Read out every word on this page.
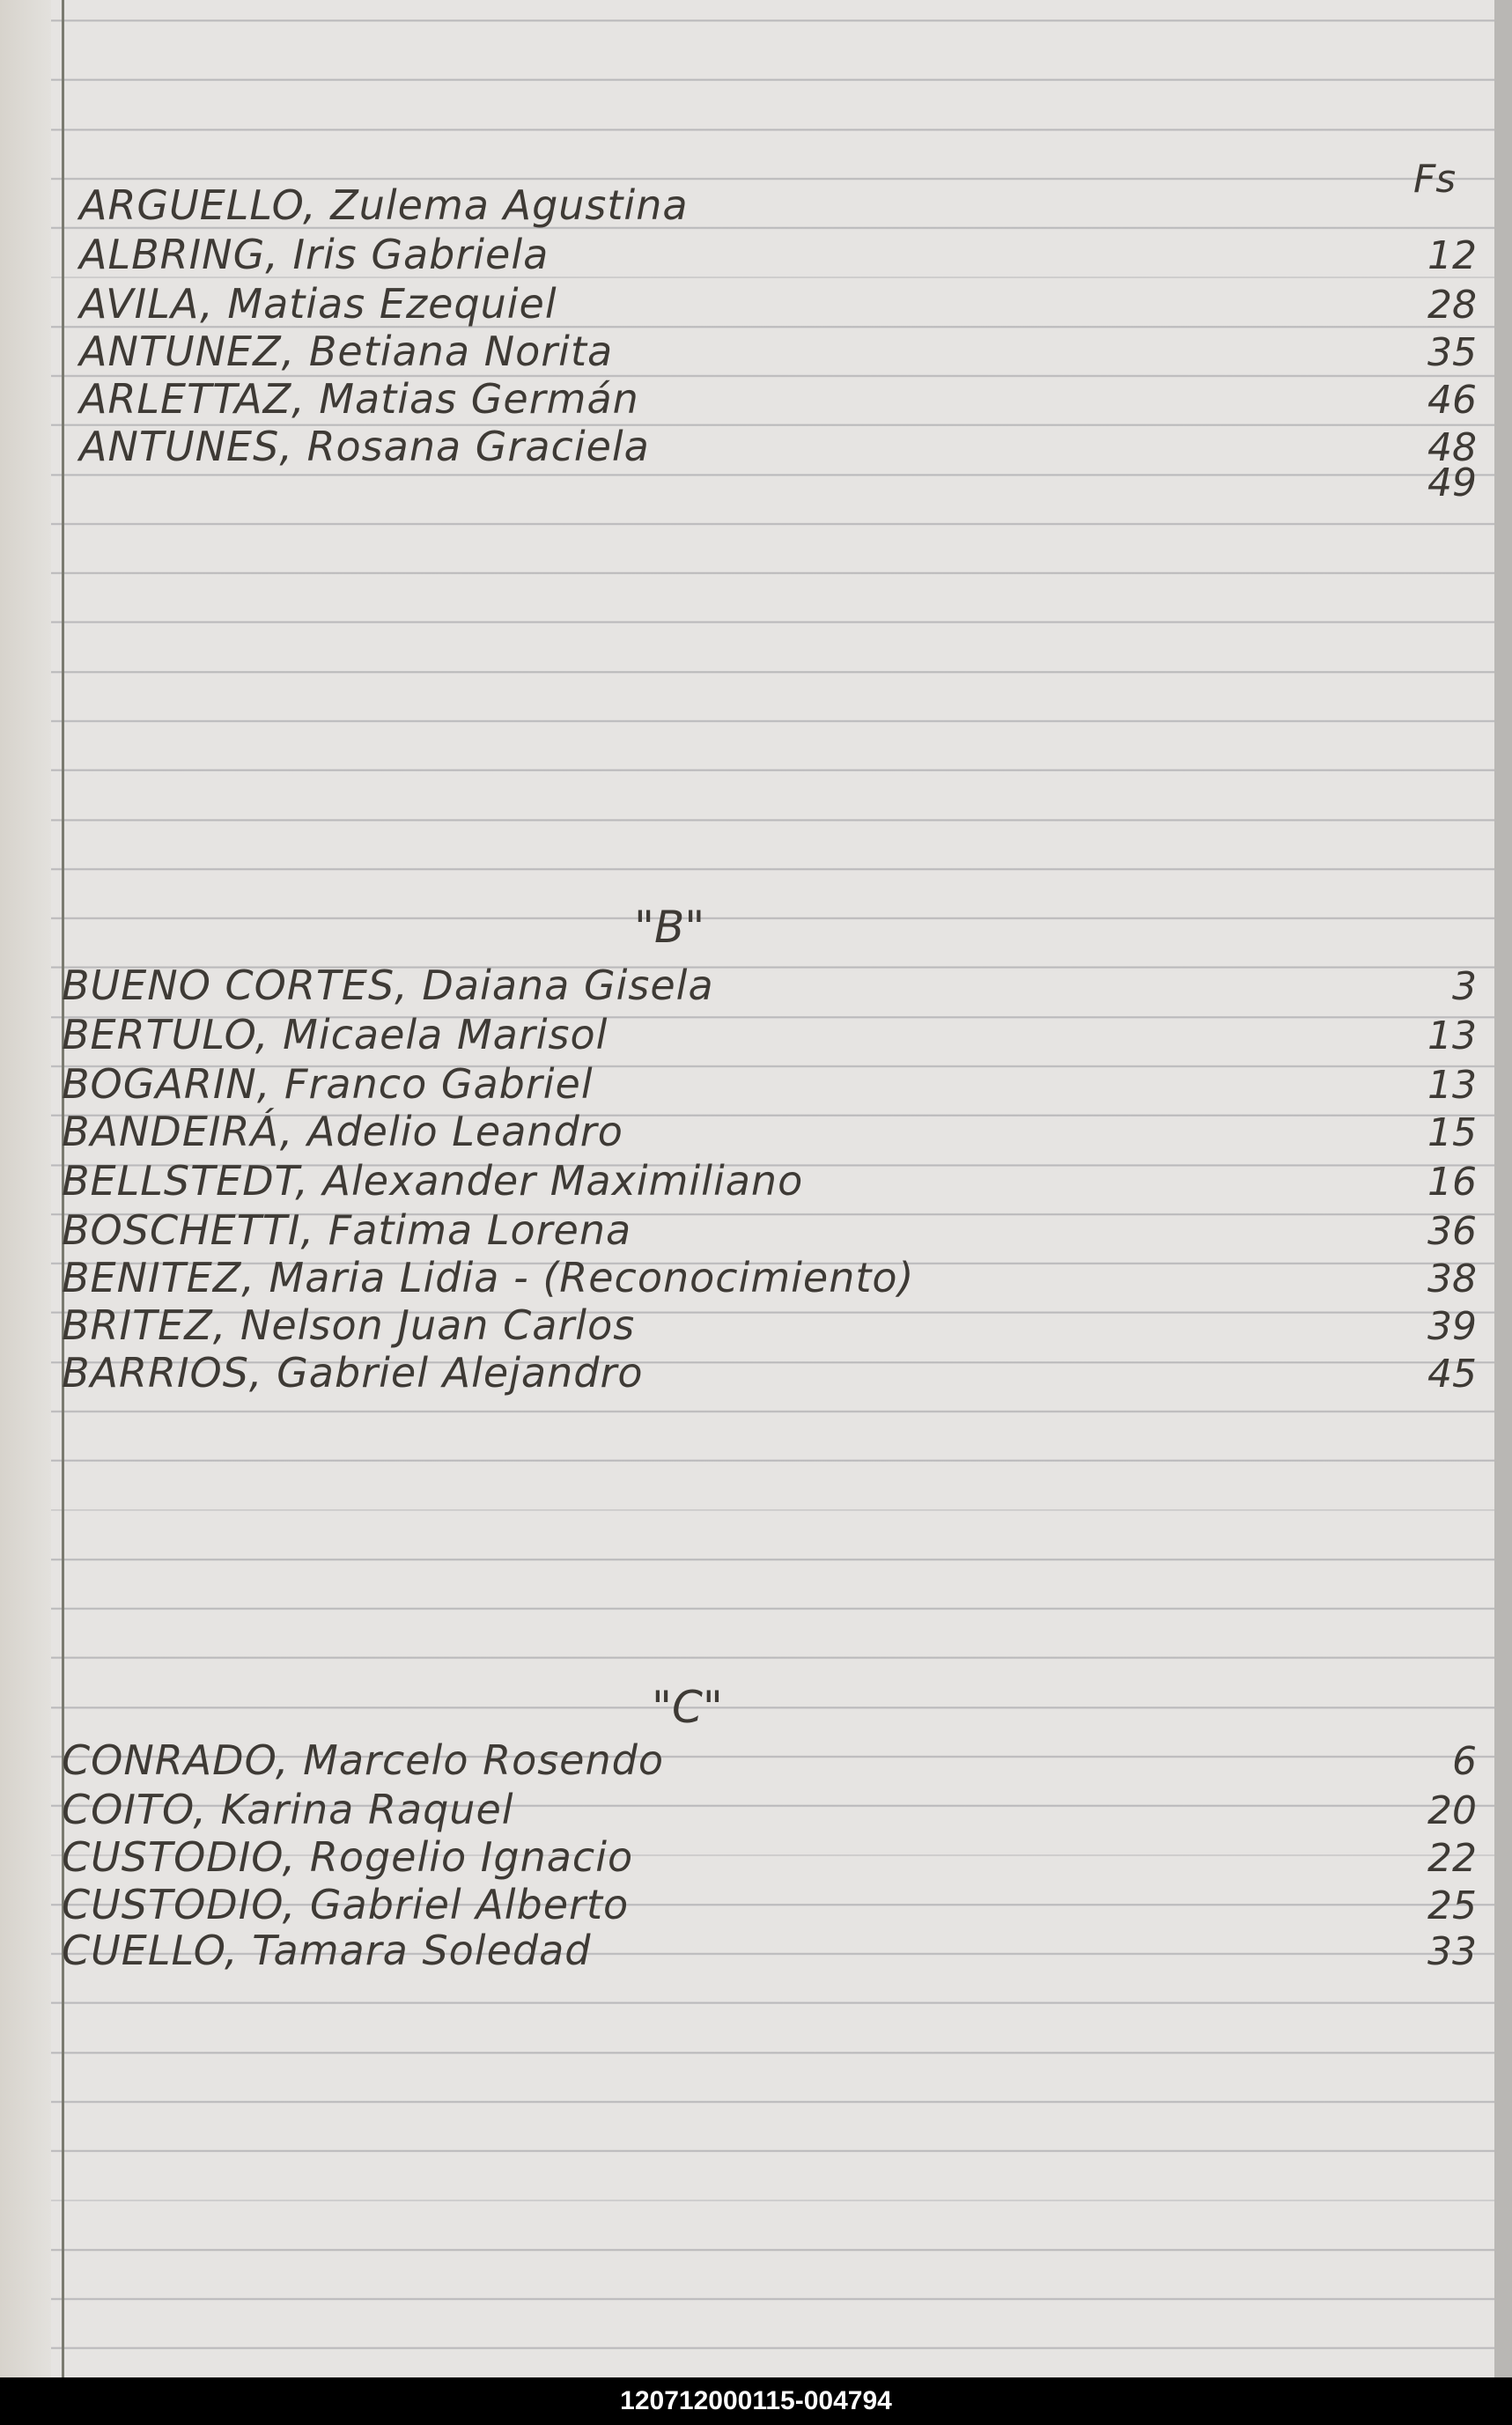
Fs
ARGUELLO, Zulema Agustina
ALBRING, Iris Gabriela	12
AVILA, Matias Ezequiel	28
ANTUNEZ, Betiana Norita	35
ARLETTAZ, Matias Germán	46
ANTUNES, Rosana Graciela	48
49
"B"
BUENO CORTES, Daiana Gisela	3
BERTULO, Micaela Marisol	13
BOGARIN, Franco Gabriel	13
BANDEIRÁ, Adelio Leandro	15
BELLSTEDT, Alexander Maximiliano	16
BOSCHETTI, Fatima Lorena	36
BENITEZ, Maria Lidia - (Reconocimiento)	38
BRITEZ, Nelson Juan Carlos	39
BARRIOS, Gabriel Alejandro	45
"C"
CONRADO, Marcelo Rosendo	6
COITO, Karina Raquel	20
CUSTODIO, Rogelio Ignacio	22
CUSTODIO, Gabriel Alberto	25
CUELLO, Tamara Soledad	33
120712000115-004794
